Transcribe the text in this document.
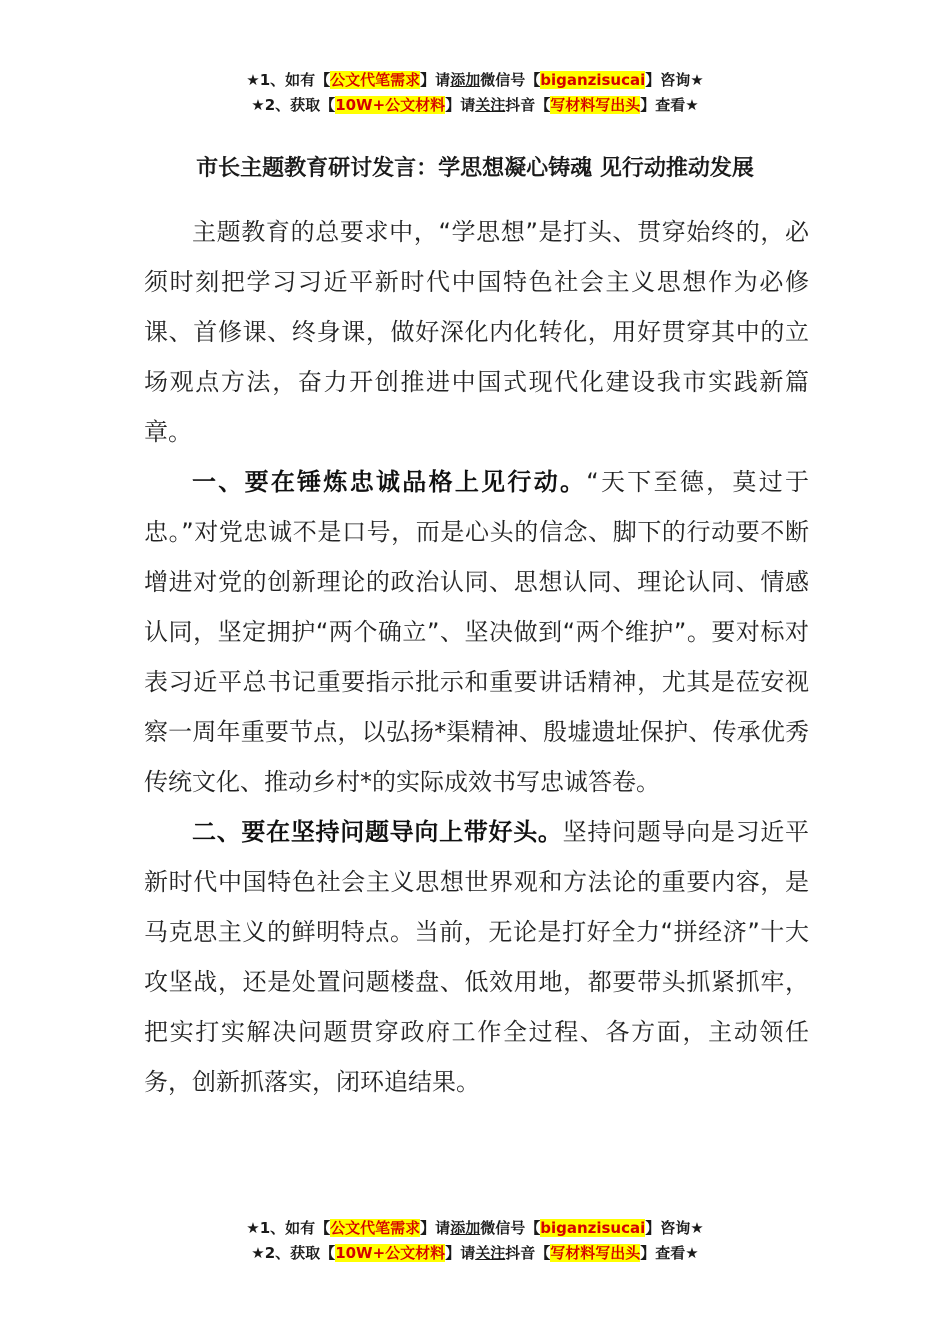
★1、如有【公文代笔需求】请添加微信号【biganzisucai】咨询★
★2、获取【10W+公文材料】请关注抖音【写材料写出头】查看★
市长主题教育研讨发言：学思想凝心铸魂 见行动推动发展

主题教育的总要求中，“学思想”是打头、贯穿始终的，必须时刻把学习习近平新时代中国特色社会主义思想作为必修课、首修课、终身课，做好深化内化转化，用好贯穿其中的立场观点方法，奋力开创推进中国式现代化建设我市实践新篇章。

一、要在锤炼忠诚品格上见行动。“天下至德，莫过于忠。”对党忠诚不是口号，而是心头的信念、脚下的行动要不断增进对党的创新理论的政治认同、思想认同、理论认同、情感认同，坚定拥护“两个确立”、坚决做到“两个维护”。要对标对表习近平总书记重要指示批示和重要讲话精神，尤其是莅安视察一周年重要节点，以弘扬*渠精神、殷墟遗址保护、传承优秀传统文化、推动乡村*的实际成效书写忠诚答卷。

二、要在坚持问题导向上带好头。坚持问题导向是习近平新时代中国特色社会主义思想世界观和方法论的重要内容，是马克思主义的鲜明特点。当前，无论是打好全力“拼经济”十大攻坚战，还是处置问题楼盘、低效用地，都要带头抓紧抓牢，把实打实解决问题贯穿政府工作全过程、各方面，主动领任务，创新抓落实，闭环追结果。

★1、如有【公文代笔需求】请添加微信号【biganzisucai】咨询★
★2、获取【10W+公文材料】请关注抖音【写材料写出头】查看★
